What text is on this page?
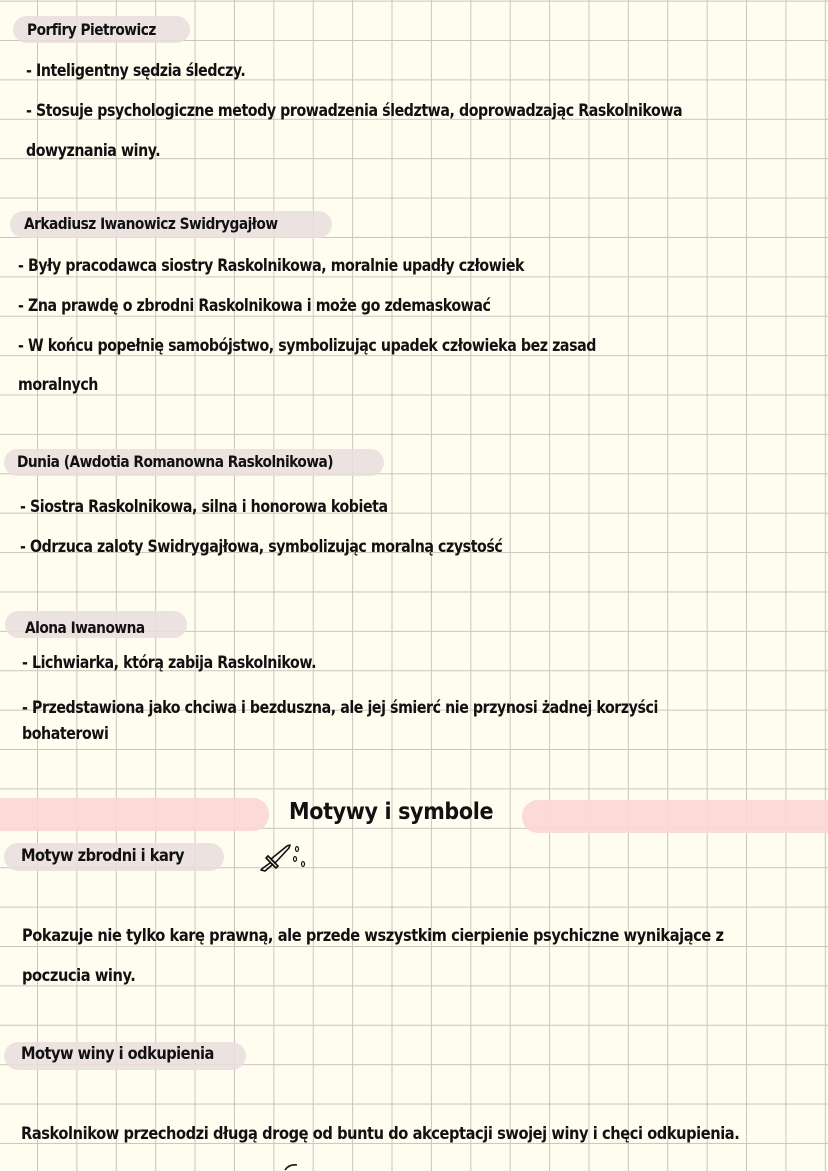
Porfiry Pietrowicz
- Inteligentny sędzia śledczy.
- Stosuje psychologiczne metody prowadzenia śledztwa, doprowadzając Raskolnikowa
dowyznania winy.
Arkadiusz Iwanowicz Swidrygajłow
- Były pracodawca siostry Raskolnikowa, moralnie upadły człowiek
- Zna prawdę o zbrodni Raskolnikowa i może go zdemaskować
- W końcu popełnię samobójstwo, symbolizując upadek człowieka bez zasad
moralnych
Dunia (Awdotia Romanowna Raskolnikowa)
- Siostra Raskolnikowa, silna i honorowa kobieta
- Odrzuca zaloty Swidrygajłowa, symbolizując moralną czystość
Alona Iwanowna
- Lichwiarka, którą zabija Raskolnikow.
- Przedstawiona jako chciwa i bezduszna, ale jej śmierć nie przynosi żadnej korzyści
bohaterowi
Motywy i symbole
Motyw zbrodni i kary
Pokazuje nie tylko karę prawną, ale przede wszystkim cierpienie psychiczne wynikające z
poczucia winy.
Motyw winy i odkupienia
Raskolnikow przechodzi długą drogę od buntu do akceptacji swojej winy i chęci odkupienia.
